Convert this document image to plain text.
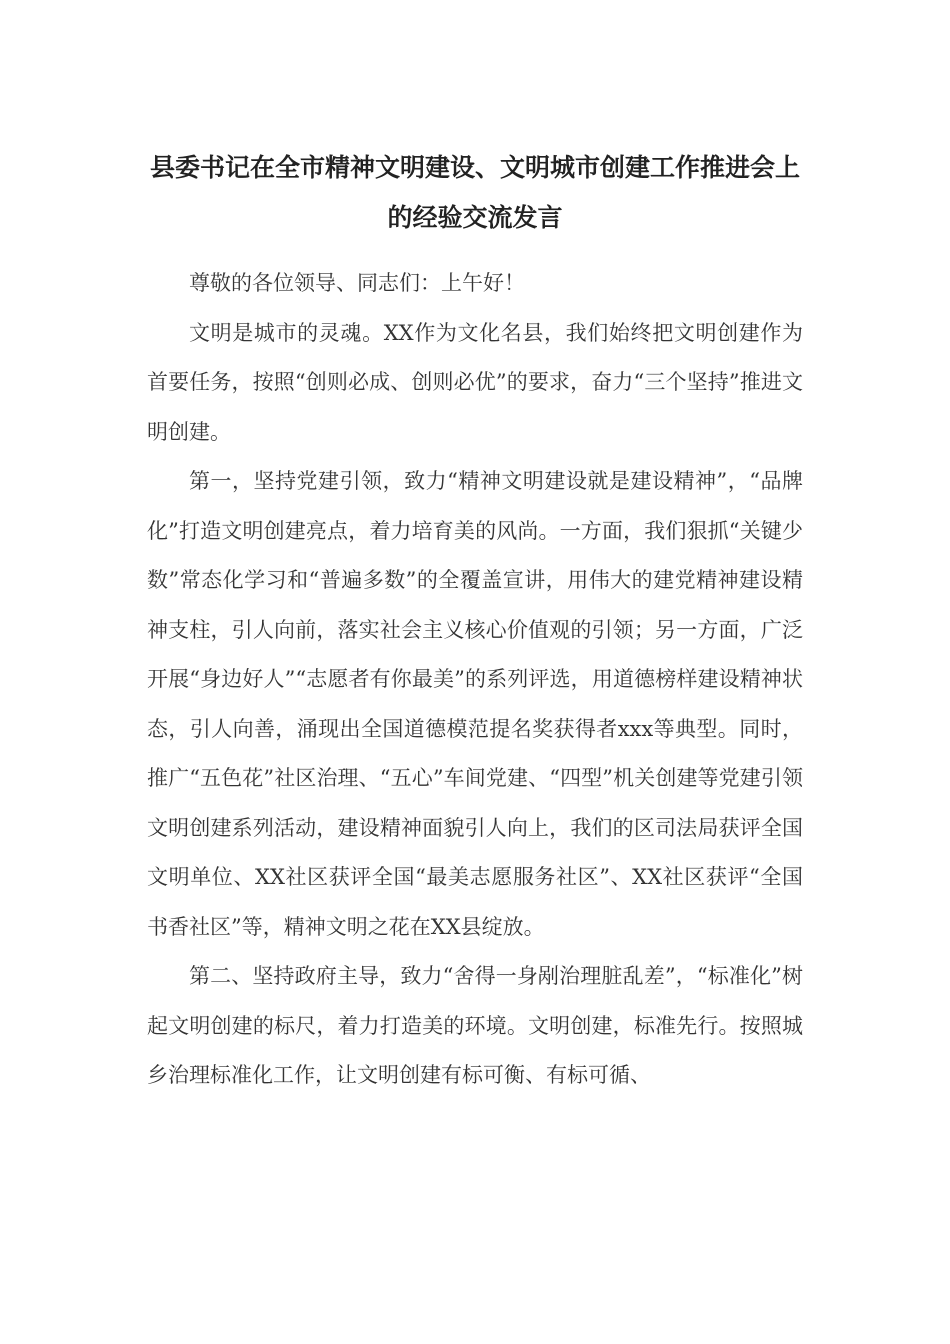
县委书记在全市精神文明建设、文明城市创建工作推进会上的经验交流发言

尊敬的各位领导、同志们：上午好！

文明是城市的灵魂。XX作为文化名县，我们始终把文明创建作为首要任务，按照“创则必成、创则必优”的要求，奋力“三个坚持”推进文明创建。

第一，坚持党建引领，致力“精神文明建设就是建设精神”，“品牌化”打造文明创建亮点，着力培育美的风尚。一方面，我们狠抓“关键少数”常态化学习和“普遍多数”的全覆盖宣讲，用伟大的建党精神建设精神支柱，引人向前，落实社会主义核心价值观的引领；另一方面，广泛开展“身边好人”“志愿者有你最美”的系列评选，用道德榜样建设精神状态，引人向善，涌现出全国道德模范提名奖获得者xxx等典型。同时，推广“五色花”社区治理、“五心”车间党建、“四型”机关创建等党建引领文明创建系列活动，建设精神面貌引人向上，我们的区司法局获评全国文明单位、XX社区获评全国“最美志愿服务社区”、XX社区获评“全国书香社区”等，精神文明之花在XX县绽放。

第二、坚持政府主导，致力“舍得一身剐治理脏乱差”，“标准化”树起文明创建的标尺，着力打造美的环境。文明创建，标准先行。按照城乡治理标准化工作，让文明创建有标可衡、有标可循、
